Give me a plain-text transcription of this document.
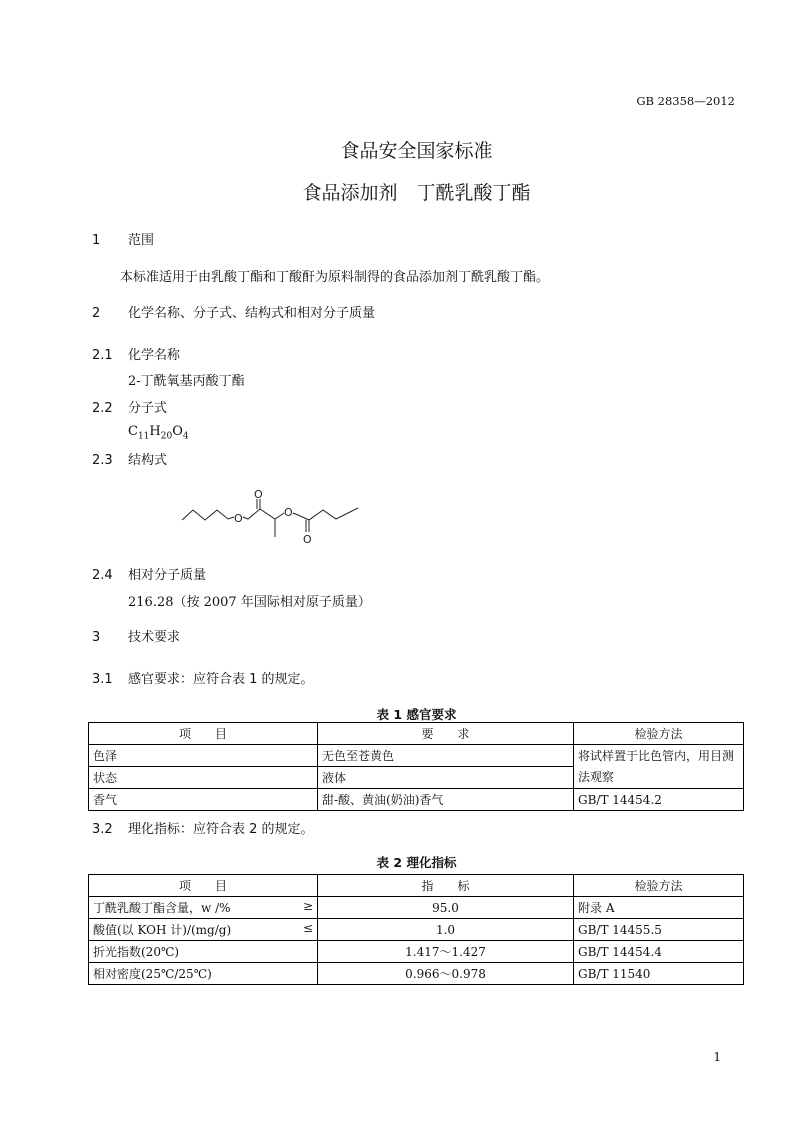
GB 28358—2012
食品安全国家标准
食品添加剂　丁酰乳酸丁酯
1 范围
本标准适用于由乳酸丁酯和丁酸酐为原料制得的食品添加剂丁酰乳酸丁酯。
2 化学名称、分子式、结构式和相对分子质量
2.1 化学名称
2-丁酰氧基丙酸丁酯
2.2 分子式
$C_{11}H_{20}O_4$
2.3 结构式
O
O
O
O
2.4 相对分子质量
216.28（按 2007 年国际相对原子质量）
3 技术要求
3.1 感官要求：应符合表 1 的规定。
表 1 感官要求
项　　目	要　　求	检验方法
色泽	无色至苍黄色	将试样置于比色管内，用目测法观察
状态	液体	
香气	甜-酸、黄油(奶油)香气	GB/T 14454.2
3.2 理化指标：应符合表 2 的规定。
表 2 理化指标
项　　目	指　　标	检验方法
丁酰乳酸丁酯含量，w /% ≥	95.0	附录 A
酸值(以 KOH 计)/(mg/g) ≤	1.0	GB/T 14455.5
折光指数(20℃)	1.417～1.427	GB/T 14454.4
相对密度(25℃/25℃)	0.966～0.978	GB/T 11540
1
